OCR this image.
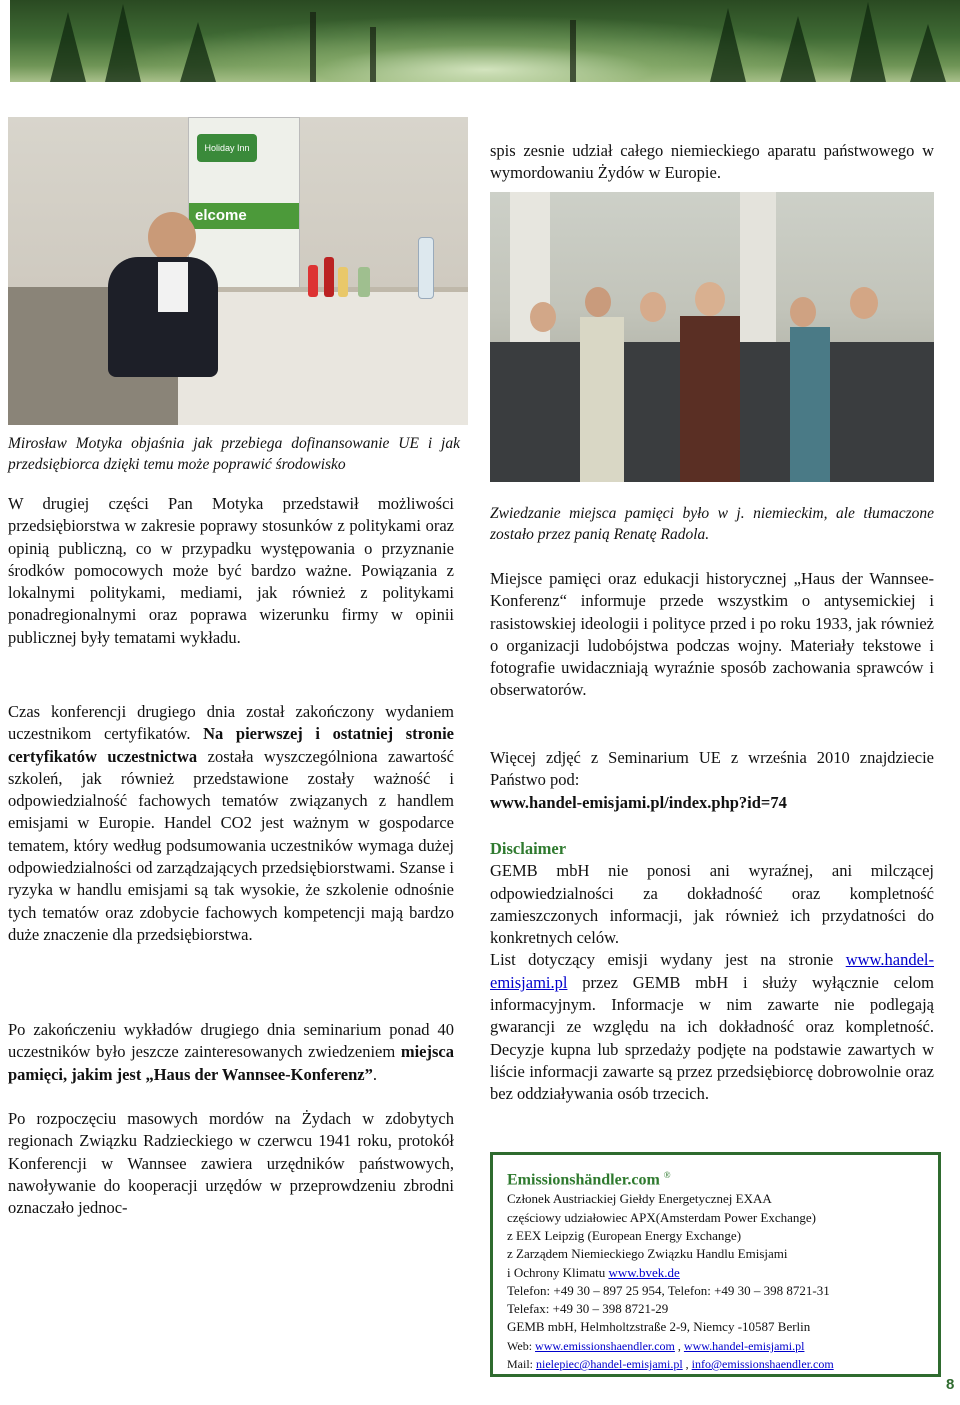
Holiday Inn
elcome
spis zesnie udział całego niemieckiego aparatu państwowego w wymordowaniu Żydów w Europie.
Mirosław Motyka objaśnia jak przebiega dofinansowanie UE i jak przedsiębiorca dzięki temu może poprawić środowisko

W drugiej części Pan Motyka przedstawił możliwości przedsiębiorstwa w zakresie poprawy stosunków z politykami oraz opinią publiczną, co w przypadku występowania o przyznanie środków pomocowych może być bardzo ważne. Powiązania z lokalnymi politykami, mediami, jak również z politykami ponadregionalnymi oraz poprawa wizerunku firmy w opinii publicznej były tematami wykładu.

Czas konferencji drugiego dnia został zakończony wydaniem uczestnikom certyfikatów. Na pierwszej i ostatniej stronie certyfikatów uczestnictwa została wyszczególniona zawartość szkoleń, jak również przedstawione zostały ważność i odpowiedzialność fachowych tematów związanych z handlem emisjami w Europie. Handel CO2 jest ważnym w gospodarce tematem, który według podsumowania uczestników wymaga dużej odpowiedzialności od zarządzających przedsiębiorstwami. Szanse i ryzyka w handlu emisjami są tak wysokie, że szkolenie odnośnie tych tematów oraz zdobycie fachowych kompetencji mają bardzo duże znaczenie dla przedsiębiorstwa.

Po zakończeniu wykładów drugiego dnia seminarium ponad 40 uczestników było jeszcze zainteresowanych zwiedzeniem miejsca pamięci, jakim jest „Haus der Wannsee-Konferenz”.

Po rozpoczęciu masowych mordów na Żydach w zdobytych regionach Związku Radzieckiego w czerwcu 1941 roku, protokół Konferencji w Wannsee zawiera urzędników państwowych, nawoływanie do kooperacji urzędów w przeprowdzeniu zbrodni oznaczało jednoc-
Zwiedzanie miejsca pamięci było w j. niemieckim, ale tłumaczone zostało przez panią Renatę Radola.
Miejsce pamięci oraz edukacji historycznej „Haus der Wannsee- Konferenz“ informuje przede wszystkim o antysemickiej i rasistowskiej ideologii i polityce przed i po roku 1933, jak również o organizacji ludobójstwa podczas wojny. Materiały tekstowe i fotografie uwidaczniają wyraźnie sposób zachowania sprawców i obserwatorów.

Więcej zdjęć z Seminarium UE z września 2010 znajdziecie Państwo pod:

www.handel-emisjami.pl/index.php?id=74

Disclaimer

GEMB mbH nie ponosi ani wyraźnej, ani milczącej odpowiedzialności za dokładność oraz kompletność zamieszczonych informacji, jak również ich przydatności do konkretnych celów.

List dotyczący emisji wydany jest na stronie www.handel-emisjami.pl przez GEMB mbH i służy wyłącznie celom informacyjnym. Informacje w nim zawarte nie podlegają gwarancji ze względu na ich dokładność oraz kompletność. Decyzje kupna lub sprzedaży podjęte na podstawie zawartych w liście informacji zawarte są przez przedsiębiorcę dobrowolnie oraz bez oddziaływania osób trzecich.

Emissionshändler.com ®
Członek Austriackiej Giełdy Energetycznej EXAA
częściowy udziałowiec APX(Amsterdam Power Exchange)
z EEX Leipzig (European Energy Exchange)
z Zarządem Niemieckiego Związku Handlu Emisjami
i Ochrony Klimatu www.bvek.de
Telefon: +49 30 – 897 25 954, Telefon: +49 30 – 398 8721-31
Telefax: +49 30 – 398 8721-29
GEMB mbH, Helmholtzstraße 2-9, Niemcy -10587 Berlin
Web: www.emissionshaendler.com , www.handel-emisjami.pl
Mail: nielepiec@handel-emisjami.pl , info@emissionshaendler.com
8
